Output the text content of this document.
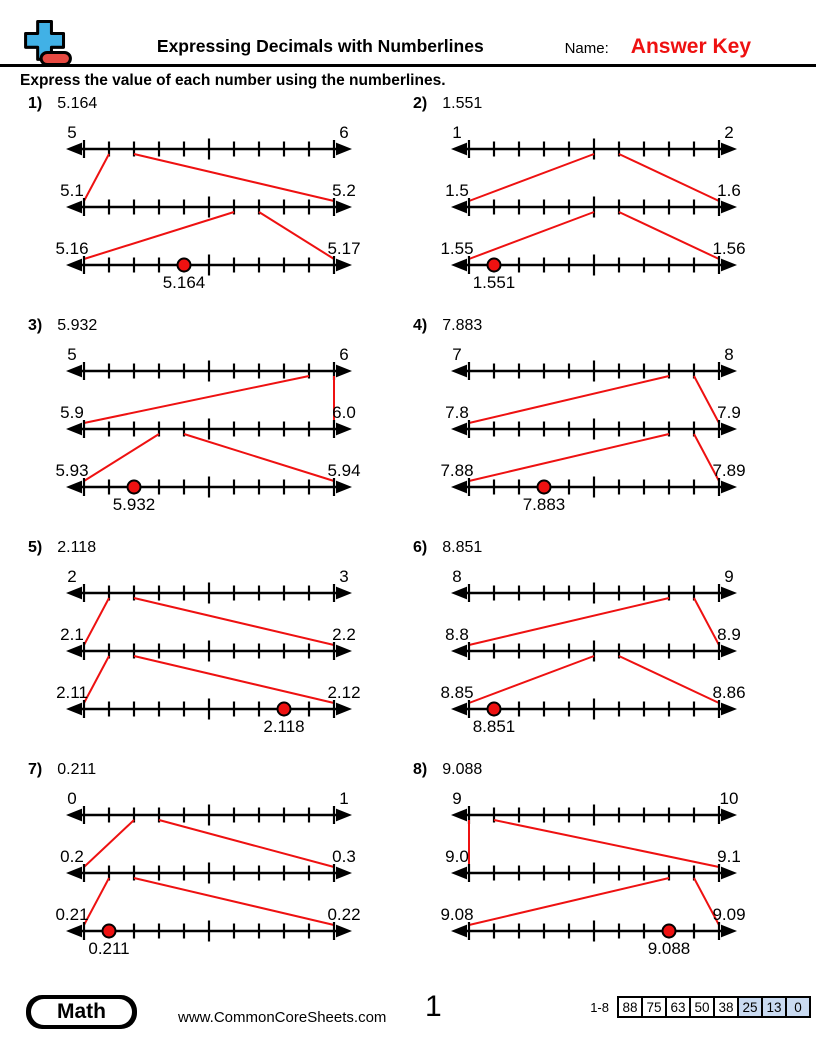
Expressing Decimals with Numberlines	Name: Answer Key
Express the value of each number using the numberlines.
1) 5.164
5	6
5.1	5.2
5.16	5.17
5.164
2) 1.551
1	2
1.5	1.6
1.55	1.56
1.551
3) 5.932
5	6
5.9	6.0
5.93	5.94
5.932
4) 7.883
7	8
7.8	7.9
7.88	7.89
7.883
5) 2.118
2	3
2.1	2.2
2.11	2.12
2.118
6) 8.851
8	9
8.8	8.9
8.85	8.86
8.851
7) 0.211
0	1
0.2	0.3
0.21	0.22
0.211
8) 9.088
9	10
9.0	9.1
9.08	9.09
9.088
Math	www.CommonCoreSheets.com 1	1-8 88	75	63	50	38	25	13	0
